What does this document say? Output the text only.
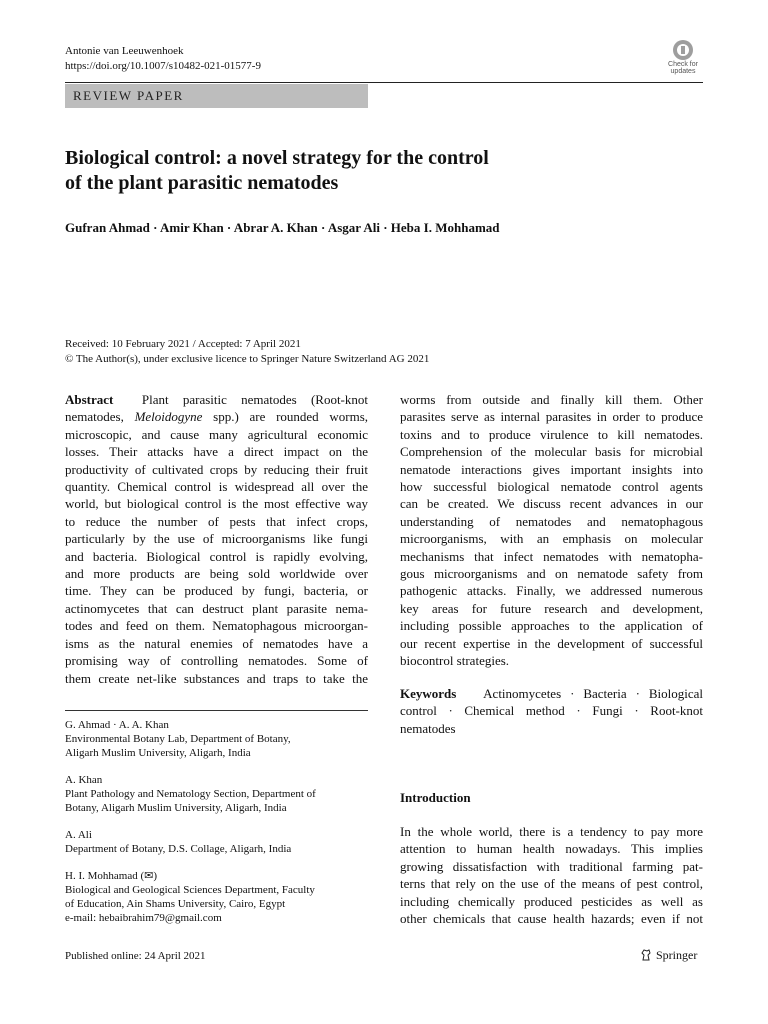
Antonie van Leeuwenhoek
https://doi.org/10.1007/s10482-021-01577-9	Check for updates
REVIEW PAPER
Biological control: a novel strategy for the control
of the plant parasitic nematodes
Gufran Ahmad · Amir Khan · Abrar A. Khan · Asgar Ali · Heba I. Mohhamad
Received: 10 February 2021 / Accepted: 7 April 2021
© The Author(s), under exclusive licence to Springer Nature Switzerland AG 2021
Abstract Plant parasitic nematodes (Root-knot
nematodes, Meloidogyne spp.) are rounded worms,
microscopic, and cause many agricultural economic
losses. Their attacks have a direct impact on the
productivity of cultivated crops by reducing their fruit
quantity. Chemical control is widespread all over the
world, but biological control is the most effective way
to reduce the number of pests that infect crops,
particularly by the use of microorganisms like fungi
and bacteria. Biological control is rapidly evolving,
and more products are being sold worldwide over
time. They can be produced by fungi, bacteria, or
actinomycetes that can destruct plant parasite nema-
todes and feed on them. Nematophagous microorgan-
isms as the natural enemies of nematodes have a
promising way of controlling nematodes. Some of
them create net-like substances and traps to take the
worms from outside and finally kill them. Other
parasites serve as internal parasites in order to produce
toxins and to produce virulence to kill nematodes.
Comprehension of the molecular basis for microbial
nematode interactions gives important insights into
how successful biological nematode control agents
can be created. We discuss recent advances in our
understanding of nematodes and nematophagous
microorganisms, with an emphasis on molecular
mechanisms that infect nematodes with nematopha-
gous microorganisms and on nematode safety from
pathogenic attacks. Finally, we addressed numerous
key areas for future research and development,
including possible approaches to the application of
our recent expertise in the development of successful
biocontrol strategies.
Keywords Actinomycetes · Bacteria · Biological
control · Chemical method · Fungi · Root-knot
nematodes
G. Ahmad · A. A. Khan
Environmental Botany Lab, Department of Botany,
Aligarh Muslim University, Aligarh, India
A. Khan
Plant Pathology and Nematology Section, Department of
Botany, Aligarh Muslim University, Aligarh, India
A. Ali
Department of Botany, D.S. Collage, Aligarh, India
H. I. Mohhamad (✉)
Biological and Geological Sciences Department, Faculty
of Education, Ain Shams University, Cairo, Egypt
e-mail: hebaibrahim79@gmail.com
Introduction
In the whole world, there is a tendency to pay more
attention to human health nowadays. This implies
growing dissatisfaction with traditional farming pat-
terns that rely on the use of the means of pest control,
including chemically produced pesticides as well as
other chemicals that cause health hazards; even if not
Published online: 24 April 2021	Springer
